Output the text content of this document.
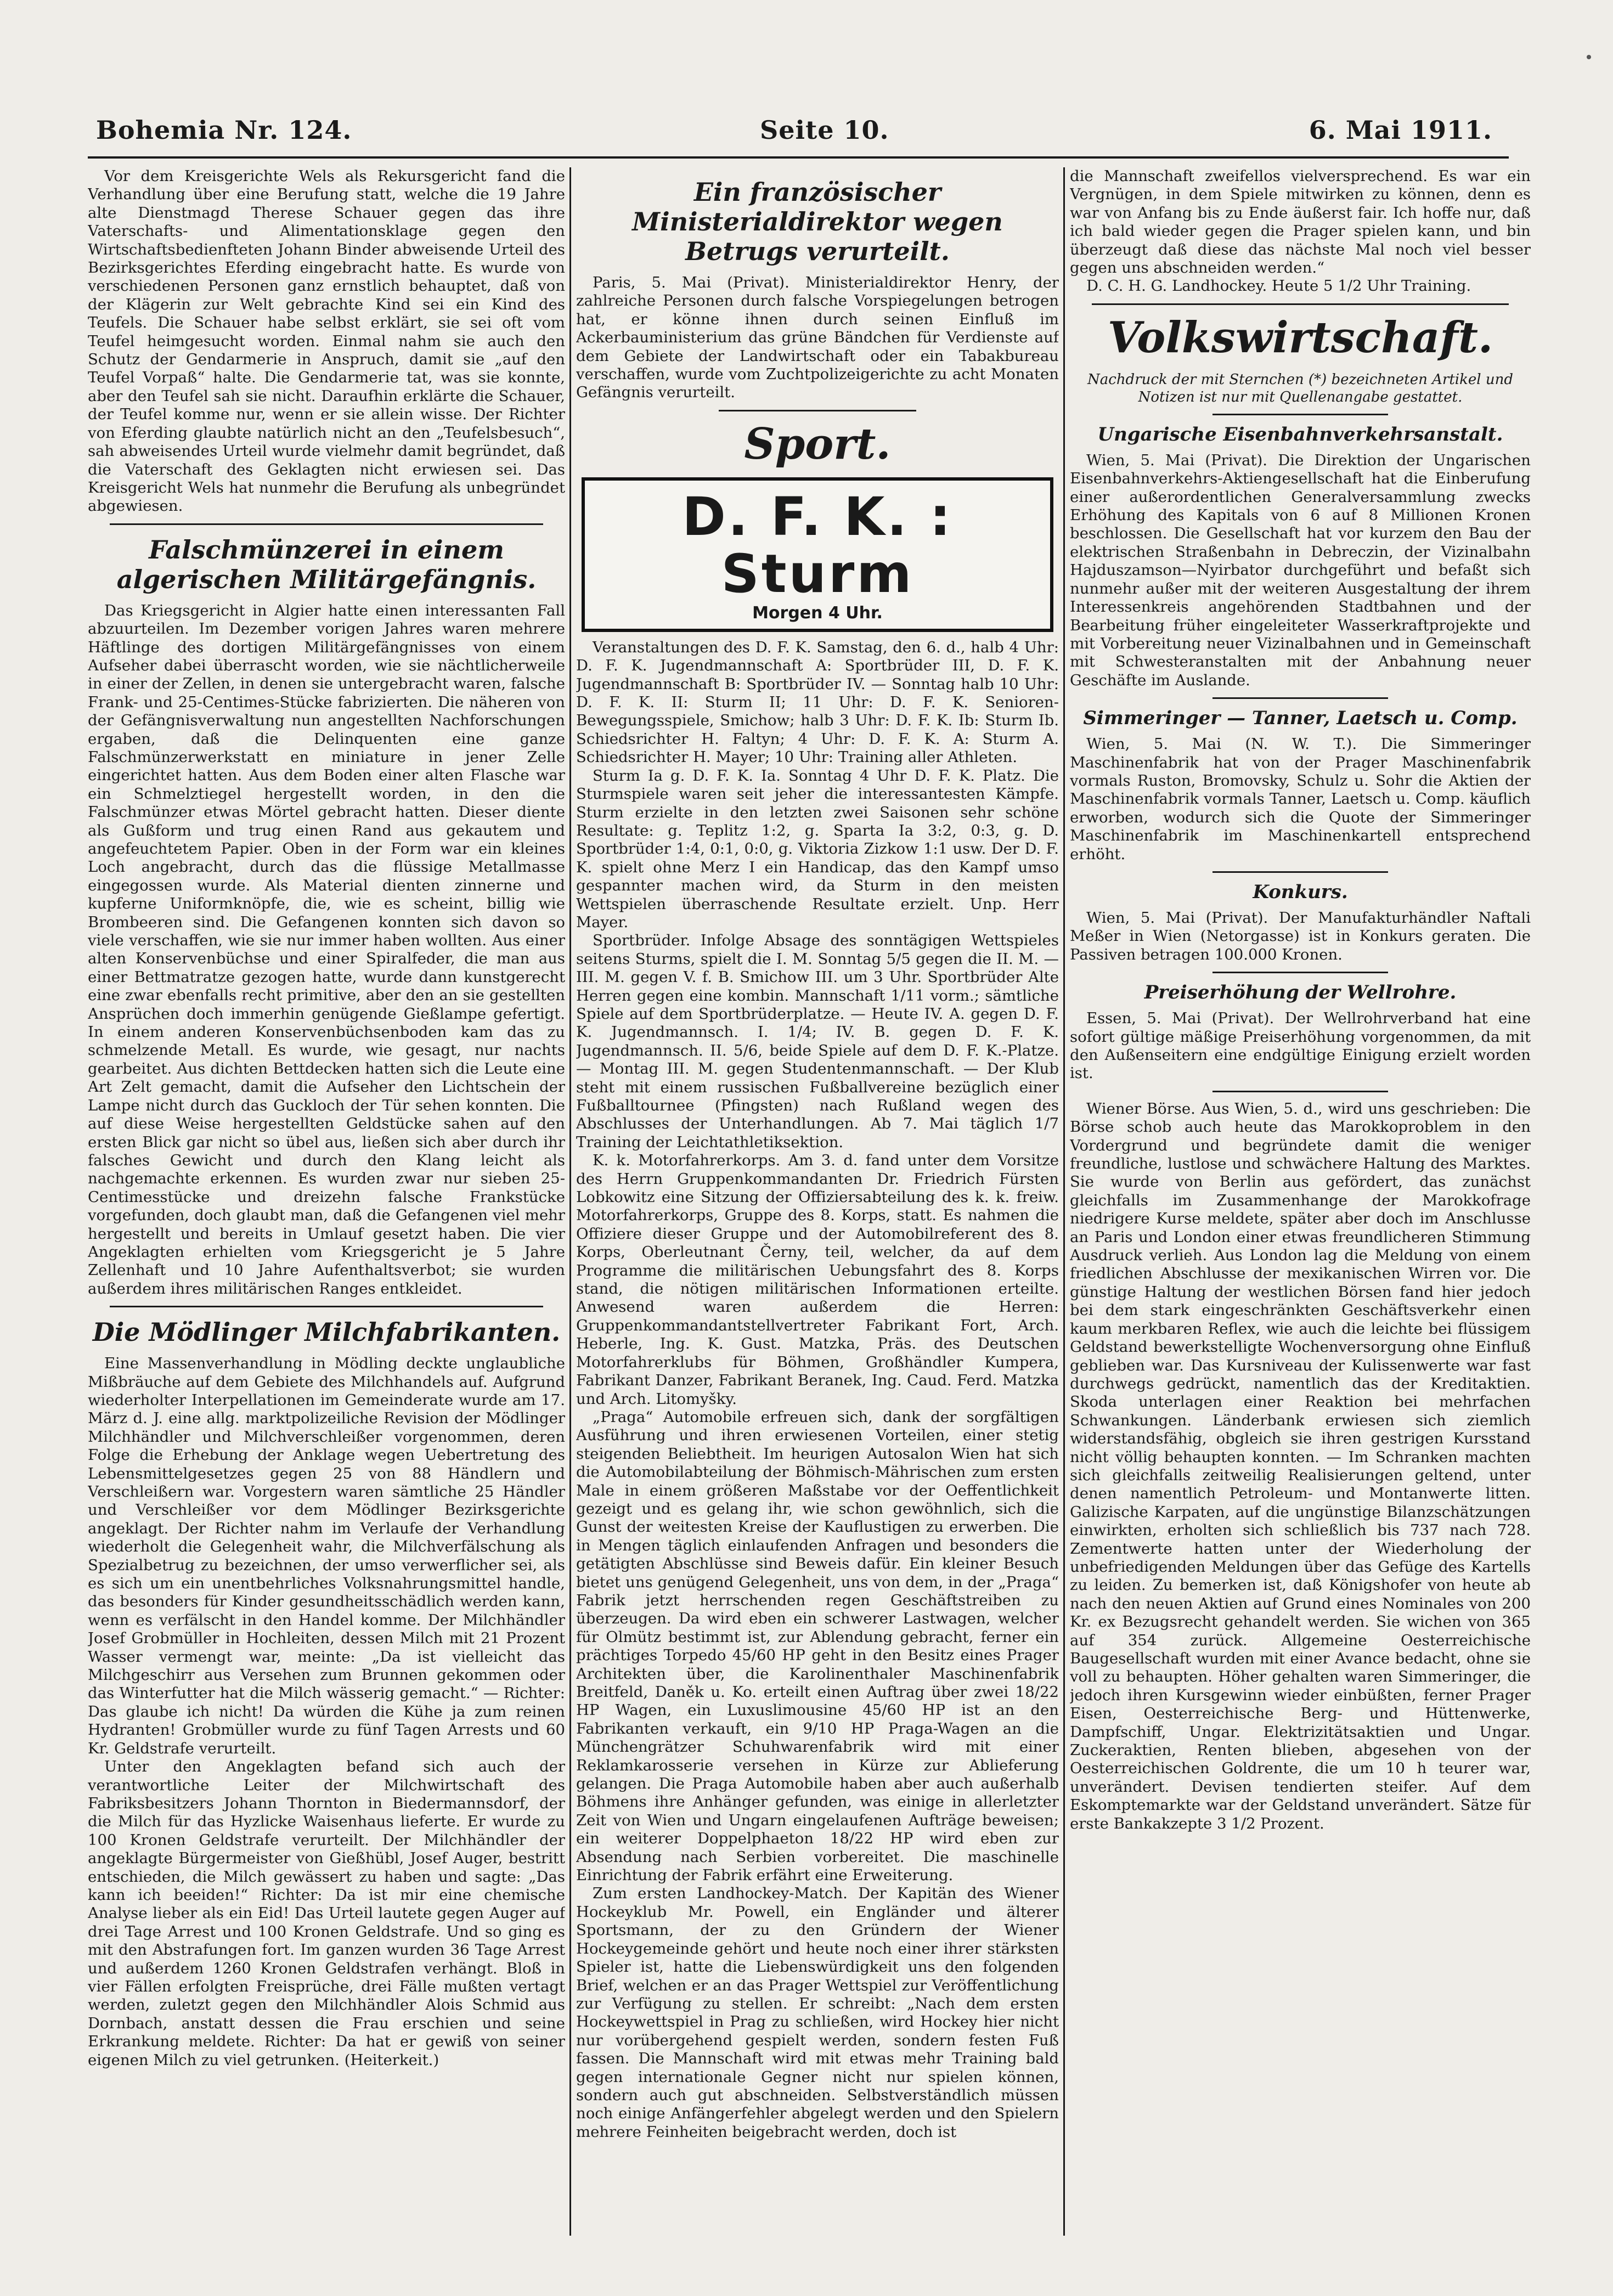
Bohemia Nr. 124.	Seite 10.	6. Mai 1911.

Vor dem Kreisgerichte Wels als Rekursgericht fand die Verhandlung über eine Berufung statt, welche die 19 Jahre alte Dienstmagd Therese Schauer gegen das ihre Vaterschafts- und Alimentationsklage gegen den Wirtschaftsbedienfteten Johann Binder abweisende Urteil des Bezirksgerichtes Eferding eingebracht hatte. Es wurde von verschiedenen Personen ganz ernstlich behauptet, daß von der Klägerin zur Welt gebrachte Kind sei ein Kind des Teufels. Die Schauer habe selbst erklärt, sie sei oft vom Teufel heimgesucht worden. Einmal nahm sie auch den Schutz der Gendarmerie in Anspruch, damit sie „auf den Teufel Vorpaß“ halte. Die Gendarmerie tat, was sie konnte, aber den Teufel sah sie nicht. Daraufhin erklärte die Schauer, der Teufel komme nur, wenn er sie allein wisse. Der Richter von Eferding glaubte natürlich nicht an den „Teufelsbesuch“, sah abweisendes Urteil wurde vielmehr damit begründet, daß die Vaterschaft des Geklagten nicht erwiesen sei. Das Kreisgericht Wels hat nunmehr die Berufung als unbegründet abgewiesen.

Falschmünzerei in einem algerischen Militärgefängnis.

Das Kriegsgericht in Algier hatte einen interessanten Fall abzuurteilen. Im Dezember vorigen Jahres waren mehrere Häftlinge des dortigen Militärgefängnisses von einem Aufseher dabei überrascht worden, wie sie nächtlicherweile in einer der Zellen, in denen sie untergebracht waren, falsche Frank- und 25-Centimes-Stücke fabrizierten. Die näheren von der Gefängnisverwaltung nun angestellten Nachforschungen ergaben, daß die Delinquenten eine ganze Falschmünzerwerkstatt en miniature in jener Zelle eingerichtet hatten. Aus dem Boden einer alten Flasche war ein Schmelztiegel hergestellt worden, in den die Falschmünzer etwas Mörtel gebracht hatten. Dieser diente als Gußform und trug einen Rand aus gekautem und angefeuchtetem Papier. Oben in der Form war ein kleines Loch angebracht, durch das die flüssige Metallmasse eingegossen wurde. Als Material dienten zinnerne und kupferne Uniformknöpfe, die, wie es scheint, billig wie Brombeeren sind. Die Gefangenen konnten sich davon so viele verschaffen, wie sie nur immer haben wollten. Aus einer alten Konservenbüchse und einer Spiralfeder, die man aus einer Bettmatratze gezogen hatte, wurde dann kunstgerecht eine zwar ebenfalls recht primitive, aber den an sie gestellten Ansprüchen doch immerhin genügende Gießlampe gefertigt. In einem anderen Konservenbüchsenboden kam das zu schmelzende Metall. Es wurde, wie gesagt, nur nachts gearbeitet. Aus dichten Bettdecken hatten sich die Leute eine Art Zelt gemacht, damit die Aufseher den Lichtschein der Lampe nicht durch das Guckloch der Tür sehen konnten. Die auf diese Weise hergestellten Geldstücke sahen auf den ersten Blick gar nicht so übel aus, ließen sich aber durch ihr falsches Gewicht und durch den Klang leicht als nachgemachte erkennen. Es wurden zwar nur sieben 25-Centimesstücke und dreizehn falsche Frankstücke vorgefunden, doch glaubt man, daß die Gefangenen viel mehr hergestellt und bereits in Umlauf gesetzt haben. Die vier Angeklagten erhielten vom Kriegsgericht je 5 Jahre Zellenhaft und 10 Jahre Aufenthaltsverbot; sie wurden außerdem ihres militärischen Ranges entkleidet.

Die Mödlinger Milchfabrikanten.

Eine Massenverhandlung in Mödling deckte unglaubliche Mißbräuche auf dem Gebiete des Milchhandels auf. Aufgrund wiederholter Interpellationen im Gemeinderate wurde am 17. März d. J. eine allg. marktpolizeiliche Revision der Mödlinger Milchhändler und Milchverschleißer vorgenommen, deren Folge die Erhebung der Anklage wegen Uebertretung des Lebensmittelgesetzes gegen 25 von 88 Händlern und Verschleißern war. Vorgestern waren sämtliche 25 Händler und Verschleißer vor dem Mödlinger Bezirksgerichte angeklagt. Der Richter nahm im Verlaufe der Verhandlung wiederholt die Gelegenheit wahr, die Milchverfälschung als Spezialbetrug zu bezeichnen, der umso verwerflicher sei, als es sich um ein unentbehrliches Volksnahrungsmittel handle, das besonders für Kinder gesundheitsschädlich werden kann, wenn es verfälscht in den Handel komme. Der Milchhändler Josef Grobmüller in Hochleiten, dessen Milch mit 21 Prozent Wasser vermengt war, meinte: „Da ist vielleicht das Milchgeschirr aus Versehen zum Brunnen gekommen oder das Winterfutter hat die Milch wässerig gemacht.“ — Richter: Das glaube ich nicht! Da würden die Kühe ja zum reinen Hydranten! Grobmüller wurde zu fünf Tagen Arrests und 60 Kr. Geldstrafe verurteilt.

Unter den Angeklagten befand sich auch der verantwortliche Leiter der Milchwirtschaft des Fabriksbesitzers Johann Thornton in Biedermannsdorf, der die Milch für das Hyzlicke Waisenhaus lieferte. Er wurde zu 100 Kronen Geldstrafe verurteilt. Der Milchhändler der angeklagte Bürgermeister von Gießhübl, Josef Auger, bestritt entschieden, die Milch gewässert zu haben und sagte: „Das kann ich beeiden!“ Richter: Da ist mir eine chemische Analyse lieber als ein Eid! Das Urteil lautete gegen Auger auf drei Tage Arrest und 100 Kronen Geldstrafe. Und so ging es mit den Abstrafungen fort. Im ganzen wurden 36 Tage Arrest und außerdem 1260 Kronen Geldstrafen verhängt. Bloß in vier Fällen erfolgten Freisprüche, drei Fälle mußten vertagt werden, zuletzt gegen den Milchhändler Alois Schmid aus Dornbach, anstatt dessen die Frau erschien und seine Erkrankung meldete. Richter: Da hat er gewiß von seiner eigenen Milch zu viel getrunken. (Heiterkeit.)

Ein französischer Ministerialdirektor wegen Betrugs verurteilt.

Paris, 5. Mai (Privat). Ministerialdirektor Henry, der zahlreiche Personen durch falsche Vorspiegelungen betrogen hat, er könne ihnen durch seinen Einfluß im Ackerbauministerium das grüne Bändchen für Verdienste auf dem Gebiete der Landwirtschaft oder ein Tabakbureau verschaffen, wurde vom Zuchtpolizeigerichte zu acht Monaten Gefängnis verurteilt.

Sport.
D. F. K. : Sturm
Morgen 4 Uhr.

Veranstaltungen des D. F. K. Samstag, den 6. d., halb 4 Uhr: D. F. K. Jugendmannschaft A: Sportbrüder III, D. F. K. Jugendmannschaft B: Sportbrüder IV. — Sonntag halb 10 Uhr: D. F. K. II: Sturm II; 11 Uhr: D. F. K. Senioren-Bewegungsspiele, Smichow; halb 3 Uhr: D. F. K. Ib: Sturm Ib. Schiedsrichter H. Faltyn; 4 Uhr: D. F. K. A: Sturm A. Schiedsrichter H. Mayer; 10 Uhr: Training aller Athleten.

Sturm Ia g. D. F. K. Ia. Sonntag 4 Uhr D. F. K. Platz. Die Sturmspiele waren seit jeher die interessantesten Kämpfe. Sturm erzielte in den letzten zwei Saisonen sehr schöne Resultate: g. Teplitz 1:2, g. Sparta Ia 3:2, 0:3, g. D. Sportbrüder 1:4, 0:1, 0:0, g. Viktoria Zizkow 1:1 usw. Der D. F. K. spielt ohne Merz I ein Handicap, das den Kampf umso gespannter machen wird, da Sturm in den meisten Wettspielen überraschende Resultate erzielt. Unp. Herr Mayer.

Sportbrüder. Infolge Absage des sonntägigen Wettspieles seitens Sturms, spielt die I. M. Sonntag 5/5 gegen die II. M. — III. M. gegen V. f. B. Smichow III. um 3 Uhr. Sportbrüder Alte Herren gegen eine kombin. Mannschaft 1/11 vorm.; sämtliche Spiele auf dem Sportbrüderplatze. — Heute IV. A. gegen D. F. K. Jugendmannsch. I. 1/4; IV. B. gegen D. F. K. Jugendmannsch. II. 5/6, beide Spiele auf dem D. F. K.-Platze. — Montag III. M. gegen Studentenmannschaft. — Der Klub steht mit einem russischen Fußballvereine bezüglich einer Fußballtournee (Pfingsten) nach Rußland wegen des Abschlusses der Unterhandlungen. Ab 7. Mai täglich 1/7 Training der Leichtathletiksektion.

K. k. Motorfahrerkorps. Am 3. d. fand unter dem Vorsitze des Herrn Gruppenkommandanten Dr. Friedrich Fürsten Lobkowitz eine Sitzung der Offiziersabteilung des k. k. freiw. Motorfahrerkorps, Gruppe des 8. Korps, statt. Es nahmen die Offiziere dieser Gruppe und der Automobilreferent des 8. Korps, Oberleutnant Černy, teil, welcher, da auf dem Programme die militärischen Uebungsfahrt des 8. Korps stand, die nötigen militärischen Informationen erteilte. Anwesend waren außerdem die Herren: Gruppenkommandantstellvertreter Fabrikant Fort, Arch. Heberle, Ing. K. Gust. Matzka, Präs. des Deutschen Motorfahrerklubs für Böhmen, Großhändler Kumpera, Fabrikant Danzer, Fabrikant Beranek, Ing. Caud. Ferd. Matzka und Arch. Litomyšky.

„Praga“ Automobile erfreuen sich, dank der sorgfältigen Ausführung und ihren erwiesenen Vorteilen, einer stetig steigenden Beliebtheit. Im heurigen Autosalon Wien hat sich die Automobilabteilung der Böhmisch-Mährischen zum ersten Male in einem größeren Maßstabe vor der Oeffentlichkeit gezeigt und es gelang ihr, wie schon gewöhnlich, sich die Gunst der weitesten Kreise der Kauflustigen zu erwerben. Die in Mengen täglich einlaufenden Anfragen und besonders die getätigten Abschlüsse sind Beweis dafür. Ein kleiner Besuch bietet uns genügend Gelegenheit, uns von dem, in der „Praga“ Fabrik jetzt herrschenden regen Geschäftstreiben zu überzeugen. Da wird eben ein schwerer Lastwagen, welcher für Olmütz bestimmt ist, zur Ablendung gebracht, ferner ein prächtiges Torpedo 45/60 HP geht in den Besitz eines Prager Architekten über, die Karolinenthaler Maschinenfabrik Breitfeld, Daněk u. Ko. erteilt einen Auftrag über zwei 18/22 HP Wagen, ein Luxuslimousine 45/60 HP ist an den Fabrikanten verkauft, ein 9/10 HP Praga-Wagen an die Münchengrätzer Schuhwarenfabrik wird mit einer Reklamkarosserie versehen in Kürze zur Ablieferung gelangen. Die Praga Automobile haben aber auch außerhalb Böhmens ihre Anhänger gefunden, was einige in allerletzter Zeit von Wien und Ungarn eingelaufenen Aufträge beweisen; ein weiterer Doppelphaeton 18/22 HP wird eben zur Absendung nach Serbien vorbereitet. Die maschinelle Einrichtung der Fabrik erfährt eine Erweiterung.

Zum ersten Landhockey-Match. Der Kapitän des Wiener Hockeyklub Mr. Powell, ein Engländer und älterer Sportsmann, der zu den Gründern der Wiener Hockeygemeinde gehört und heute noch einer ihrer stärksten Spieler ist, hatte die Liebenswürdigkeit uns den folgenden Brief, welchen er an das Prager Wettspiel zur Veröffentlichung zur Verfügung zu stellen. Er schreibt: „Nach dem ersten Hockeywettspiel in Prag zu schließen, wird Hockey hier nicht nur vorübergehend gespielt werden, sondern festen Fuß fassen. Die Mannschaft wird mit etwas mehr Training bald gegen internationale Gegner nicht nur spielen können, sondern auch gut abschneiden. Selbstverständlich müssen noch einige Anfängerfehler abgelegt werden und den Spielern mehrere Feinheiten beigebracht werden, doch ist

die Mannschaft zweifellos vielversprechend. Es war ein Vergnügen, in dem Spiele mitwirken zu können, denn es war von Anfang bis zu Ende äußerst fair. Ich hoffe nur, daß ich bald wieder gegen die Prager spielen kann, und bin überzeugt daß diese das nächste Mal noch viel besser gegen uns abschneiden werden.“

D. C. H. G. Landhockey. Heute 5 1/2 Uhr Training.

Volkswirtschaft.

Nachdruck der mit Sternchen (*) bezeichneten Artikel und Notizen ist nur mit Quellenangabe gestattet.

Ungarische Eisenbahnverkehrsanstalt.

Wien, 5. Mai (Privat). Die Direktion der Ungarischen Eisenbahnverkehrs-Aktiengesellschaft hat die Einberufung einer außerordentlichen Generalversammlung zwecks Erhöhung des Kapitals von 6 auf 8 Millionen Kronen beschlossen. Die Gesellschaft hat vor kurzem den Bau der elektrischen Straßenbahn in Debreczin, der Vizinalbahn Hajduszamson—Nyirbator durchgeführt und befaßt sich nunmehr außer mit der weiteren Ausgestaltung der ihrem Interessenkreis angehörenden Stadtbahnen und der Bearbeitung früher eingeleiteter Wasserkraftprojekte und mit Vorbereitung neuer Vizinalbahnen und in Gemeinschaft mit Schwesteranstalten mit der Anbahnung neuer Geschäfte im Auslande.

Simmeringer — Tanner, Laetsch u. Comp.

Wien, 5. Mai (N. W. T.). Die Simmeringer Maschinenfabrik hat von der Prager Maschinenfabrik vormals Ruston, Bromovsky, Schulz u. Sohr die Aktien der Maschinenfabrik vormals Tanner, Laetsch u. Comp. käuflich erworben, wodurch sich die Quote der Simmeringer Maschinenfabrik im Maschinenkartell entsprechend erhöht.

Konkurs.

Wien, 5. Mai (Privat). Der Manufakturhändler Naftali Meßer in Wien (Netorgasse) ist in Konkurs geraten. Die Passiven betragen 100.000 Kronen.

Preiserhöhung der Wellrohre.

Essen, 5. Mai (Privat). Der Wellrohrverband hat eine sofort gültige mäßige Preiserhöhung vorgenommen, da mit den Außenseitern eine endgültige Einigung erzielt worden ist.

Wiener Börse. Aus Wien, 5. d., wird uns geschrieben: Die Börse schob auch heute das Marokkoproblem in den Vordergrund und begründete damit die weniger freundliche, lustlose und schwächere Haltung des Marktes. Sie wurde von Berlin aus gefördert, das zunächst gleichfalls im Zusammenhange der Marokkofrage niedrigere Kurse meldete, später aber doch im Anschlusse an Paris und London einer etwas freundlicheren Stimmung Ausdruck verlieh. Aus London lag die Meldung von einem friedlichen Abschlusse der mexikanischen Wirren vor. Die günstige Haltung der westlichen Börsen fand hier jedoch bei dem stark eingeschränkten Geschäftsverkehr einen kaum merkbaren Reflex, wie auch die leichte bei flüssigem Geldstand bewerkstelligte Wochenversorgung ohne Einfluß geblieben war. Das Kursniveau der Kulissenwerte war fast durchwegs gedrückt, namentlich das der Kreditaktien. Skoda unterlagen einer Reaktion bei mehrfachen Schwankungen. Länderbank erwiesen sich ziemlich widerstandsfähig, obgleich sie ihren gestrigen Kursstand nicht völlig behaupten konnten. — Im Schranken machten sich gleichfalls zeitweilig Realisierungen geltend, unter denen namentlich Petroleum- und Montanwerte litten. Galizische Karpaten, auf die ungünstige Bilanzschätzungen einwirkten, erholten sich schließlich bis 737 nach 728. Zementwerte hatten unter der Wiederholung der unbefriedigenden Meldungen über das Gefüge des Kartells zu leiden. Zu bemerken ist, daß Königshofer von heute ab nach den neuen Aktien auf Grund eines Nominales von 200 Kr. ex Bezugsrecht gehandelt werden. Sie wichen von 365 auf 354 zurück. Allgemeine Oesterreichische Baugesellschaft wurden mit einer Avance bedacht, ohne sie voll zu behaupten. Höher gehalten waren Simmeringer, die jedoch ihren Kursgewinn wieder einbüßten, ferner Prager Eisen, Oesterreichische Berg- und Hüttenwerke, Dampfschiff, Ungar. Elektrizitätsaktien und Ungar. Zuckeraktien, Renten blieben, abgesehen von der Oesterreichischen Goldrente, die um 10 h teurer war, unverändert. Devisen tendierten steifer. Auf dem Eskomptemarkte war der Geldstand unverändert. Sätze für erste Bankakzepte 3 1/2 Prozent.
